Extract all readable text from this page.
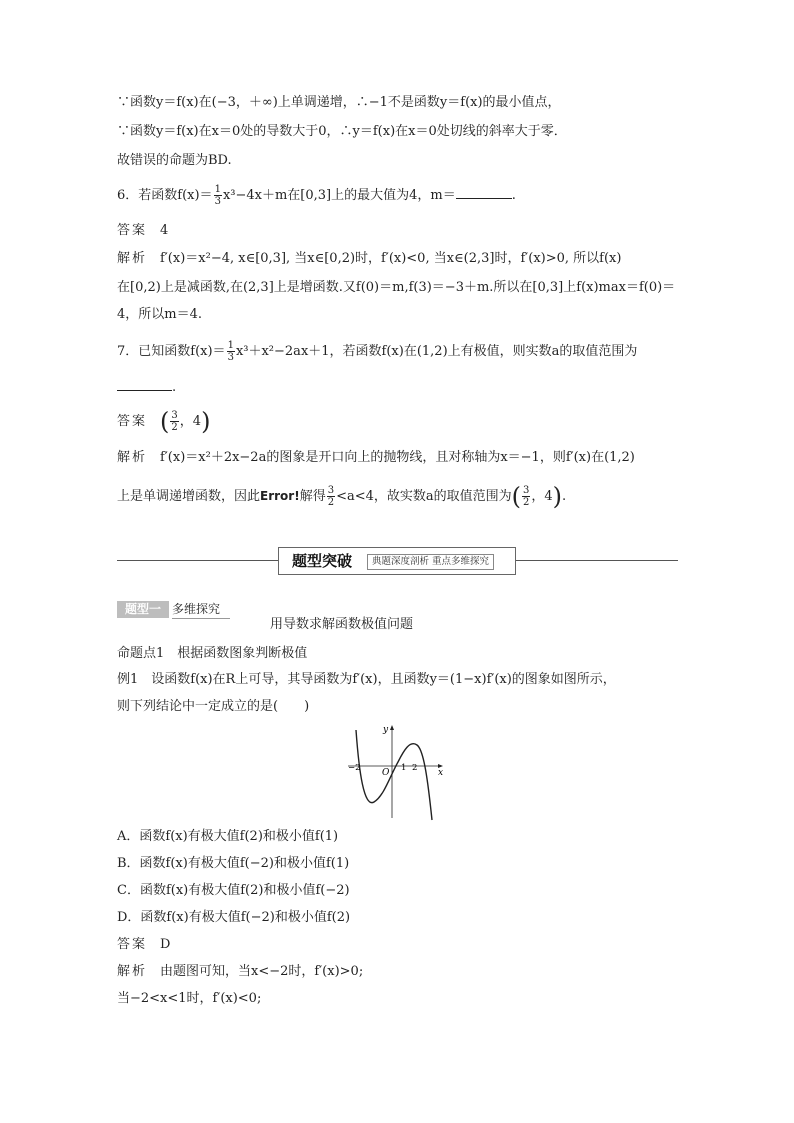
∵函数y＝f(x)在(−3，＋∞)上单调递增，∴−1不是函数y＝f(x)的最小值点，
∵函数y＝f(x)在x＝0处的导数大于0，∴y＝f(x)在x＝0处切线的斜率大于零．
故错误的命题为BD.
6．若函数$f(x)= \frac{1}{3} x^3-4x+m$在[0,3]上的最大值为4，m＝	.
答案　 4
解析　 f′(x)＝x²−4, x∈[0,3], 当x∈[0,2)时，f′(x)<0, 当x∈(2,3]时，f′(x)>0, 所以f(x)
在[0,2)上是减函数,在(2,3]上是增函数.又f(0)＝m,f(3)＝−3＋m.所以在[0,3]上f(x)max＝f(0)＝
4，所以m＝4.
7．已知函数$f(x)= \frac{1}{3} x^3+x^2-2ax+1$，若函数f(x)在(1,2)上有极值，则实数a的取值范围为
.
答案　 ( $\frac{3}{2}$ ，4)
解析　 f′(x)＝x²＋2x−2a的图象是开口向上的抛物线，且对称轴为x＝−1，则f′(x)在(1,2)
上是单调递增函数，因此Error!解得 $\frac{3}{2} <a<4$，故实数a的取值范围为( $\frac{3}{2}$ ，4).
题型突破	典题深度剖析 重点多维探究
题型一 多维探究
用导数求解函数极值问题
命题点1　根据函数图象判断极值
例1　设函数f(x)在R上可导，其导函数为f′(x)，且函数y＝(1−x)f′(x)的图象如图所示，
则下列结论中一定成立的是(　　)
y
x
O
−2	1 2
A．函数f(x)有极大值f(2)和极小值f(1)
B．函数f(x)有极大值f(−2)和极小值f(1)
C．函数f(x)有极大值f(2)和极小值f(−2)
D．函数f(x)有极大值f(−2)和极小值f(2)
答案　 D
解析　 由题图可知，当x<−2时，f′(x)>0;
当−2<x<1时，f′(x)<0;
